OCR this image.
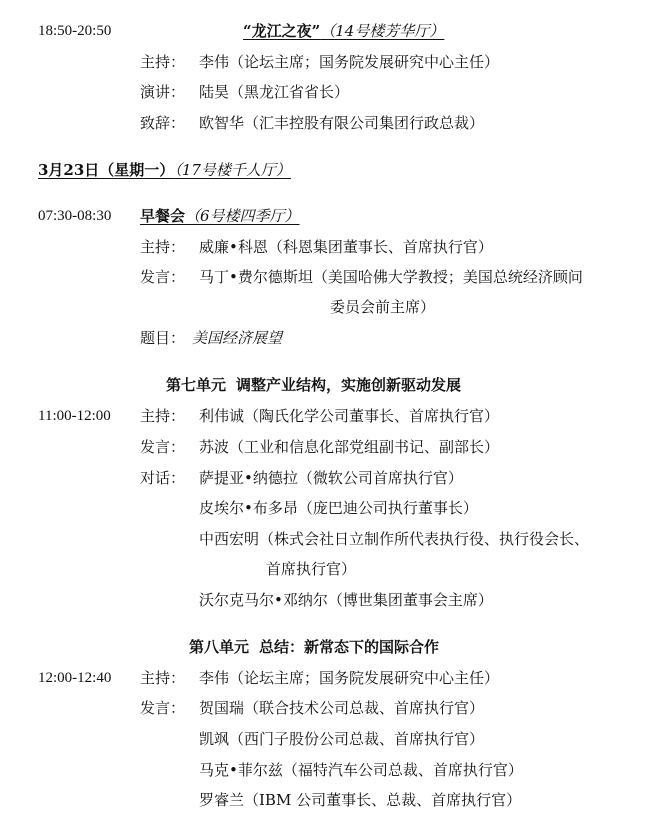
18:50-20:50	“龙江之夜”（14号楼芳华厅）
主持： 李伟（论坛主席；国务院发展研究中心主任）
演讲： 陆昊（黑龙江省省长）
致辞： 欧智华（汇丰控股有限公司集团行政总裁）
3月23日（星期一）（17号楼千人厅）
07:30-08:30 早餐会（6号楼四季厅）
主持： 威廉•科恩（科恩集团董事长、首席执行官）
发言： 马丁•费尔德斯坦（美国哈佛大学教授；美国总统经济顾问
委员会前主席）
题目： 美国经济展望
第七单元 调整产业结构，实施创新驱动发展
11:00-12:00 主持： 利伟诚（陶氏化学公司董事长、首席执行官）
发言： 苏波（工业和信息化部党组副书记、副部长）
对话： 萨提亚•纳德拉（微软公司首席执行官）
皮埃尔•布多昂（庞巴迪公司执行董事长）
中西宏明（株式会社日立制作所代表执行役、执行役会长、
首席执行官）
沃尔克马尔•邓纳尔（博世集团董事会主席）
第八单元 总结：新常态下的国际合作
12:00-12:40 主持： 李伟（论坛主席；国务院发展研究中心主任）
发言： 贺国瑞（联合技术公司总裁、首席执行官）
凯飒（西门子股份公司总裁、首席执行官）
马克•菲尔兹（福特汽车公司总裁、首席执行官）
罗睿兰（IBM 公司董事长、总裁、首席执行官）
